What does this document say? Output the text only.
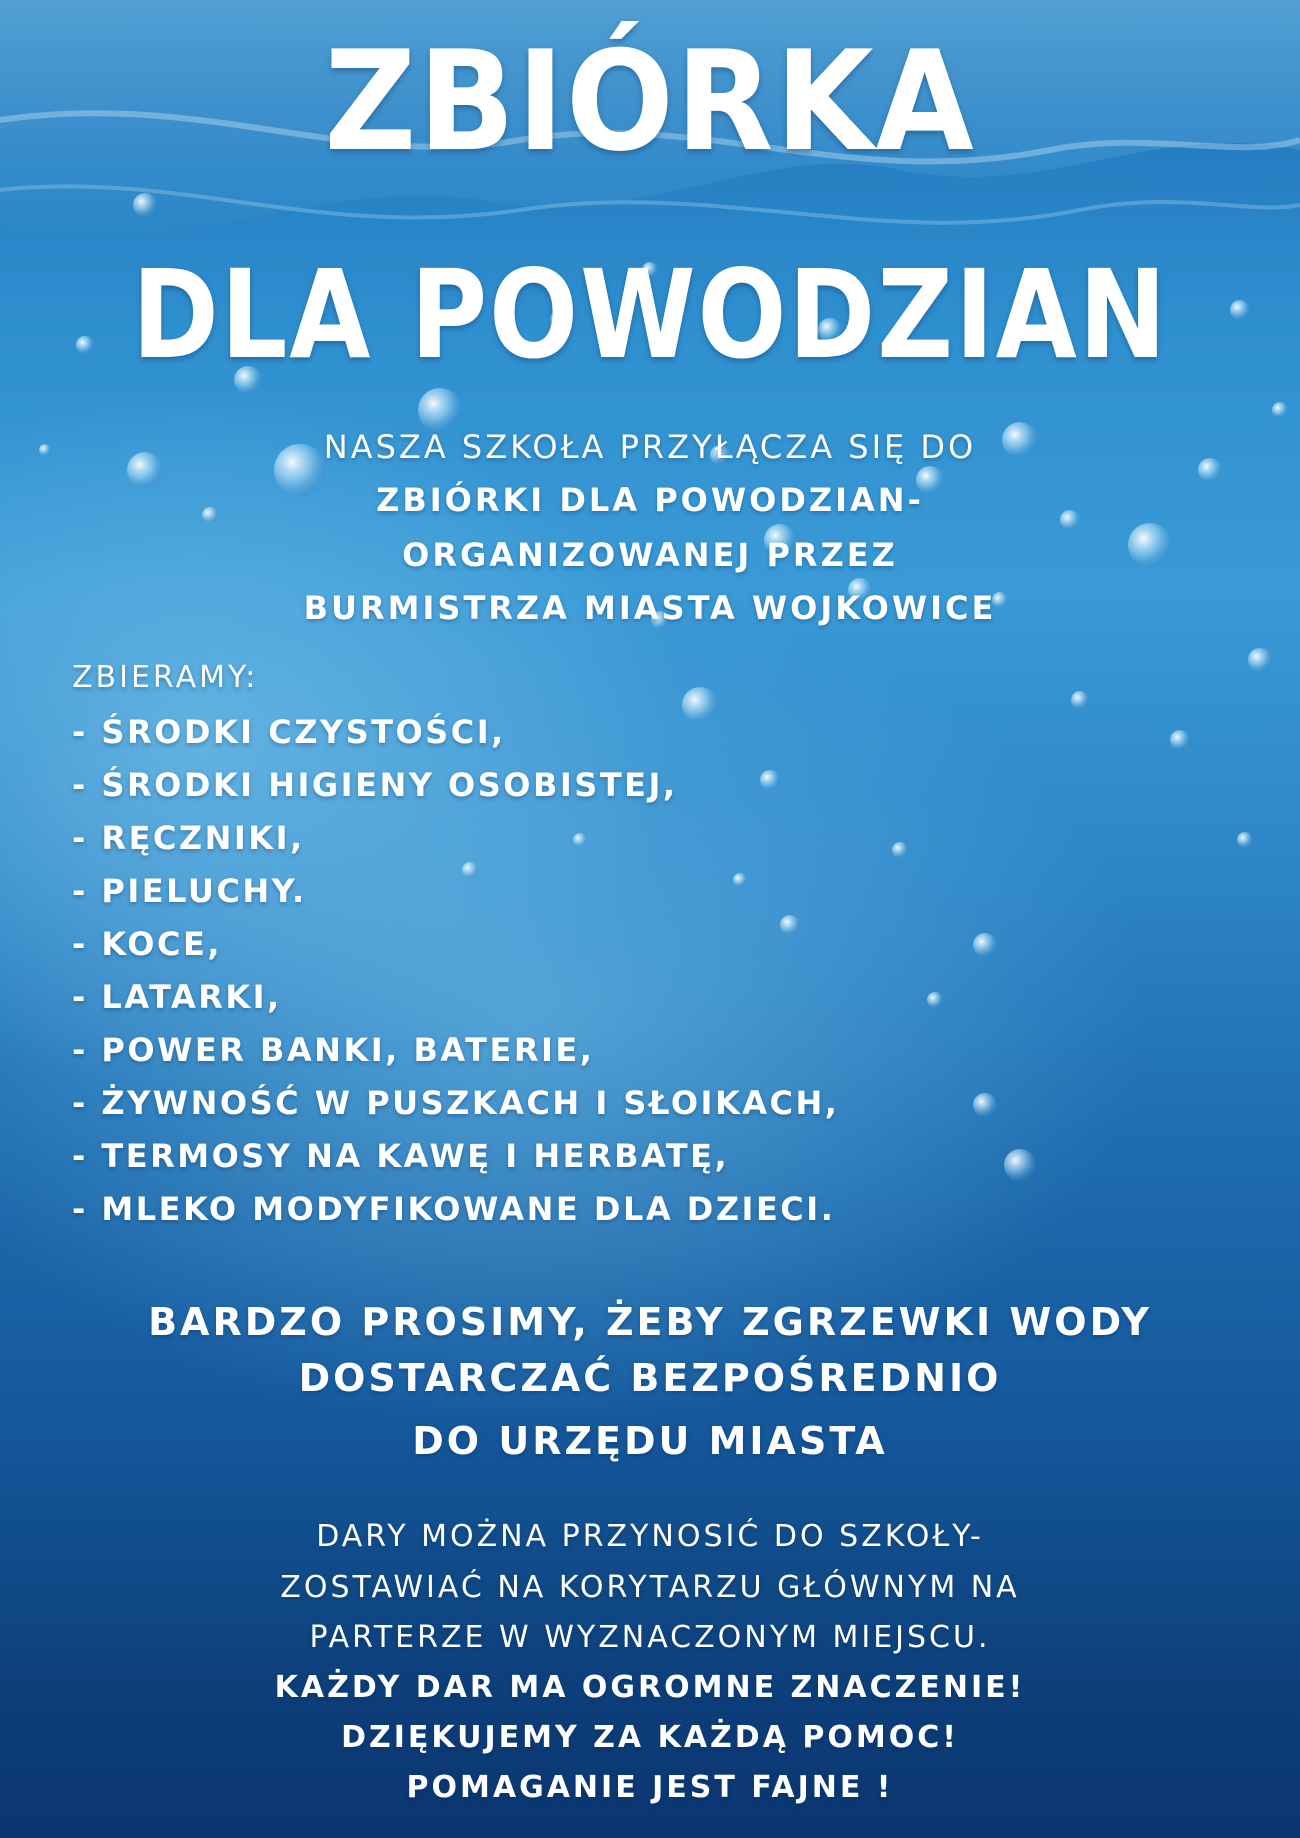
ZBIÓRKA
DLA POWODZIAN
NASZA SZKOŁA PRZYŁĄCZA SIĘ DO
ZBIÓRKI DLA POWODZIAN-
ORGANIZOWANEJ PRZEZ
BURMISTRZA MIASTA WOJKOWICE
ZBIERAMY:
- ŚRODKI CZYSTOŚCI,
- ŚRODKI HIGIENY OSOBISTEJ,
- RĘCZNIKI,
- PIELUCHY.
- KOCE,
- LATARKI,
- POWER BANKI, BATERIE,
- ŻYWNOŚĆ W PUSZKACH I SŁOIKACH,
- TERMOSY NA KAWĘ I HERBATĘ,
- MLEKO MODYFIKOWANE DLA DZIECI.
BARDZO PROSIMY, ŻEBY ZGRZEWKI WODY
DOSTARCZAĆ BEZPOŚREDNIO
DO URZĘDU MIASTA
DARY MOŻNA PRZYNOSIĆ DO SZKOŁY-
ZOSTAWIAĆ NA KORYTARZU GŁÓWNYM NA
PARTERZE W WYZNACZONYM MIEJSCU.
KAŻDY DAR MA OGROMNE ZNACZENIE!
DZIĘKUJEMY ZA KAŻDĄ POMOC!
POMAGANIE JEST FAJNE !
